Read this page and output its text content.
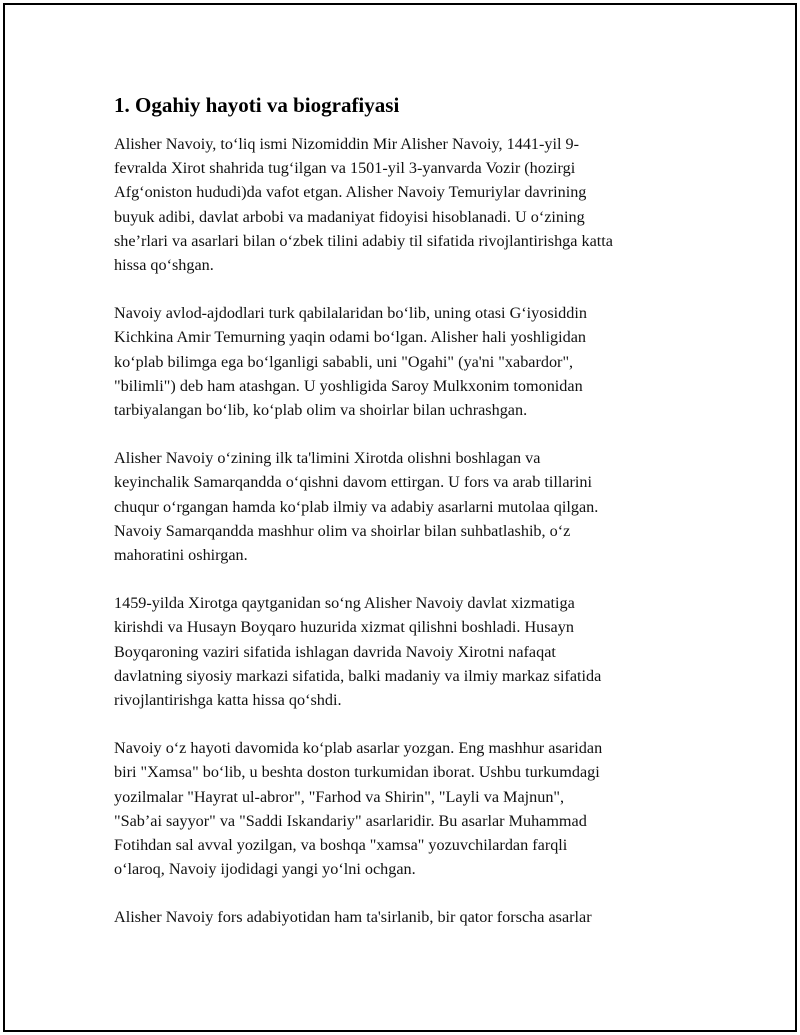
1. Ogahiy hayoti va biografiyasi

Alisher Navoiy, to‘liq ismi Nizomiddin Mir Alisher Navoiy, 1441-yil 9-
fevralda Xirot shahrida tug‘ilgan va 1501-yil 3-yanvarda Vozir (hozirgi
Afg‘oniston hududi)da vafot etgan. Alisher Navoiy Temuriylar davrining
buyuk adibi, davlat arbobi va madaniyat fidoyisi hisoblanadi. U o‘zining
she’rlari va asarlari bilan o‘zbek tilini adabiy til sifatida rivojlantirishga katta
hissa qo‘shgan.

Navoiy avlod-ajdodlari turk qabilalaridan bo‘lib, uning otasi G‘iyosiddin
Kichkina Amir Temurning yaqin odami bo‘lgan. Alisher hali yoshligidan
ko‘plab bilimga ega bo‘lganligi sababli, uni "Ogahi" (ya'ni "xabardor",
"bilimli") deb ham atashgan. U yoshligida Saroy Mulkxonim tomonidan
tarbiyalangan bo‘lib, ko‘plab olim va shoirlar bilan uchrashgan.

Alisher Navoiy o‘zining ilk ta'limini Xirotda olishni boshlagan va
keyinchalik Samarqandda o‘qishni davom ettirgan. U fors va arab tillarini
chuqur o‘rgangan hamda ko‘plab ilmiy va adabiy asarlarni mutolaa qilgan.
Navoiy Samarqandda mashhur olim va shoirlar bilan suhbatlashib, o‘z
mahoratini oshirgan.

1459-yilda Xirotga qaytganidan so‘ng Alisher Navoiy davlat xizmatiga
kirishdi va Husayn Boyqaro huzurida xizmat qilishni boshladi. Husayn
Boyqaroning vaziri sifatida ishlagan davrida Navoiy Xirotni nafaqat
davlatning siyosiy markazi sifatida, balki madaniy va ilmiy markaz sifatida
rivojlantirishga katta hissa qo‘shdi.

Navoiy o‘z hayoti davomida ko‘plab asarlar yozgan. Eng mashhur asaridan
biri "Xamsa" bo‘lib, u beshta doston turkumidan iborat. Ushbu turkumdagi
yozilmalar "Hayrat ul-abror", "Farhod va Shirin", "Layli va Majnun",
"Sab’ai sayyor" va "Saddi Iskandariy" asarlaridir. Bu asarlar Muhammad
Fotihdan sal avval yozilgan, va boshqa "xamsa" yozuvchilardan farqli
o‘laroq, Navoiy ijodidagi yangi yo‘lni ochgan.

Alisher Navoiy fors adabiyotidan ham ta'sirlanib, bir qator forscha asarlar
